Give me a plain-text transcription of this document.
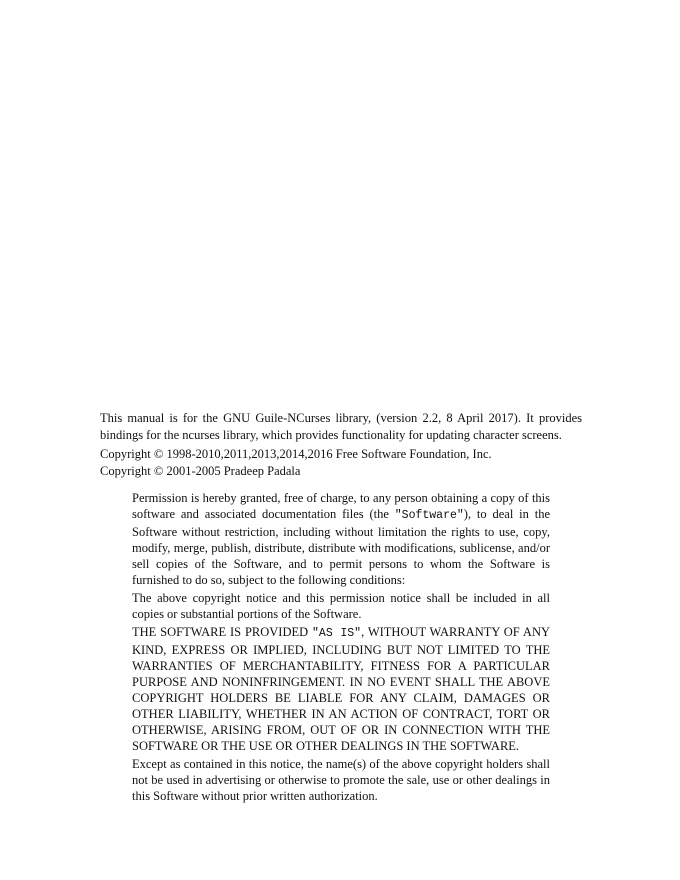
This manual is for the GNU Guile-NCurses library, (version 2.2, 8 April 2017). It provides bindings for the ncurses library, which provides functionality for updating character screens.

Copyright © 1998-2010,2011,2013,2014,2016 Free Software Foundation, Inc.

Copyright © 2001-2005 Pradeep Padala

Permission is hereby granted, free of charge, to any person obtaining a copy of this software and associated documentation files (the "Software"), to deal in the Software without restriction, including without limitation the rights to use, copy, modify, merge, publish, distribute, distribute with modifications, sublicense, and/or sell copies of the Software, and to permit persons to whom the Software is furnished to do so, subject to the following conditions:

The above copyright notice and this permission notice shall be included in all copies or substantial portions of the Software.

THE SOFTWARE IS PROVIDED "AS IS", WITHOUT WARRANTY OF ANY KIND, EXPRESS OR IMPLIED, INCLUDING BUT NOT LIMITED TO THE WARRANTIES OF MERCHANTABILITY, FITNESS FOR A PARTICULAR PURPOSE AND NONINFRINGEMENT. IN NO EVENT SHALL THE ABOVE COPYRIGHT HOLDERS BE LIABLE FOR ANY CLAIM, DAMAGES OR OTHER LIABILITY, WHETHER IN AN ACTION OF CONTRACT, TORT OR OTHERWISE, ARISING FROM, OUT OF OR IN CONNECTION WITH THE SOFTWARE OR THE USE OR OTHER DEALINGS IN THE SOFTWARE.

Except as contained in this notice, the name(s) of the above copyright holders shall not be used in advertising or otherwise to promote the sale, use or other dealings in this Software without prior written authorization.
